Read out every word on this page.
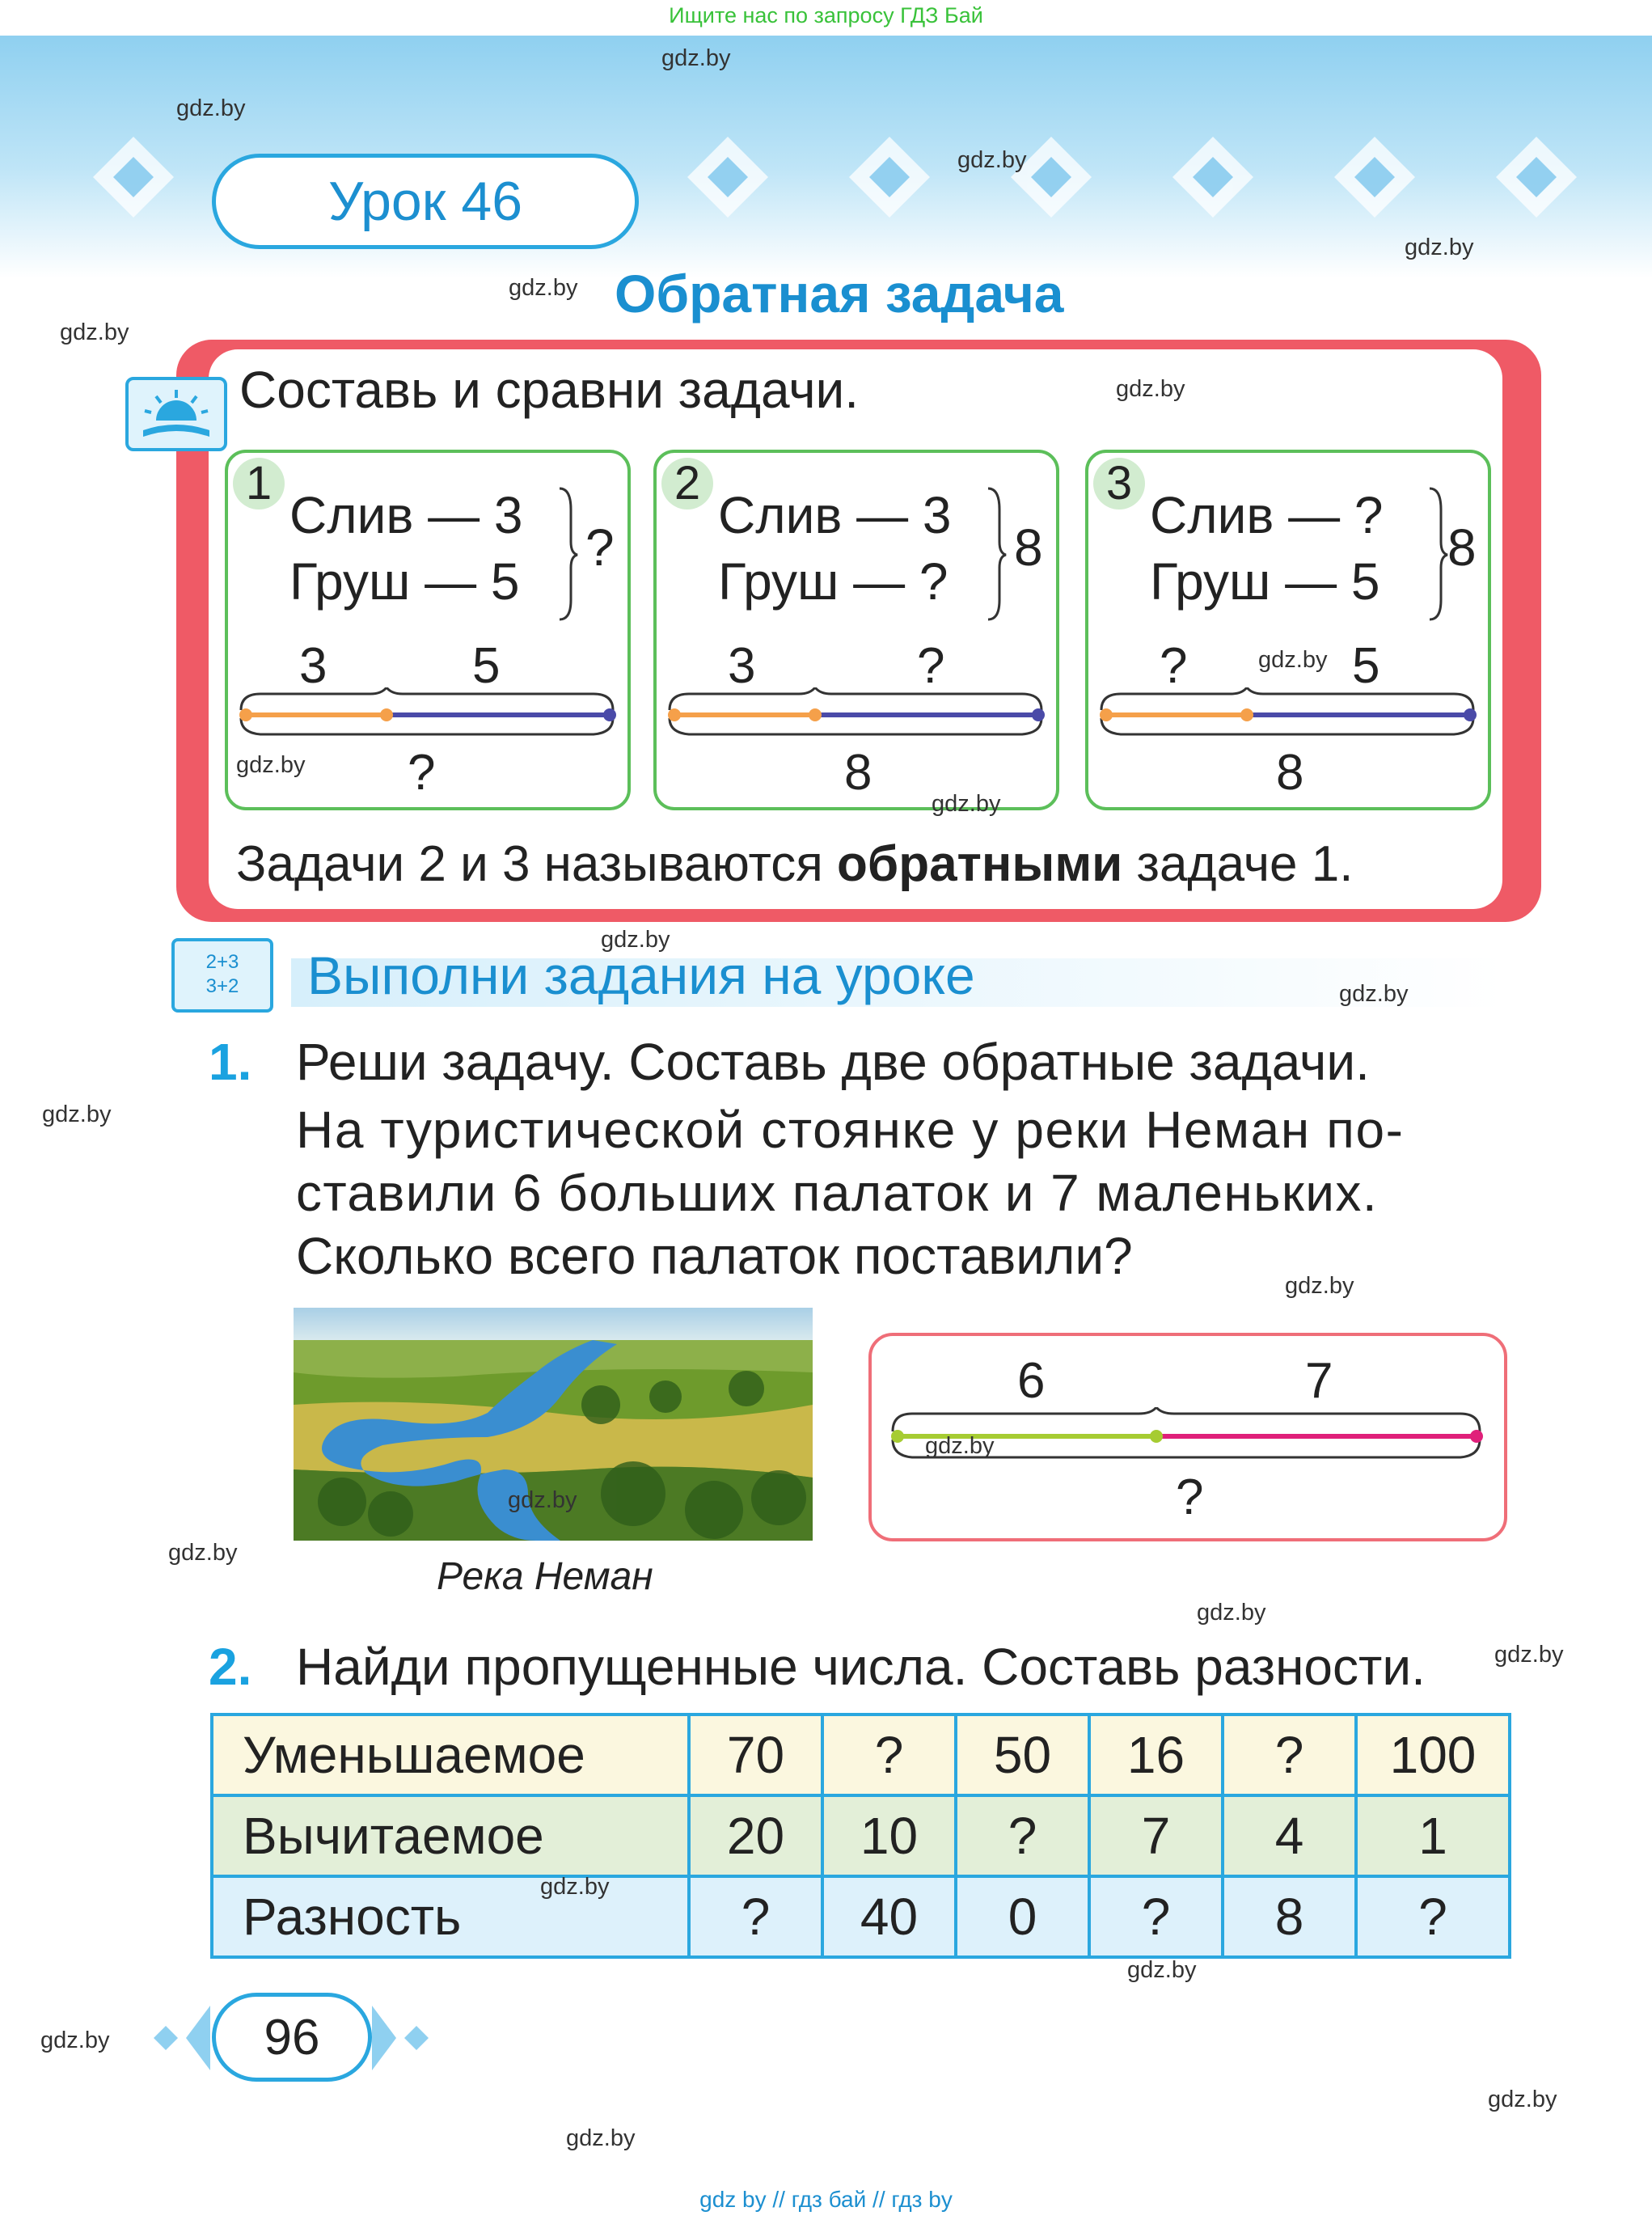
Ищите нас по запросу ГДЗ Бай
gdz.by
gdz.by
gdz.by
gdz.by
gdz.by
gdz.by
Урок 46
Обратная задача
Составь и сравни задачи.	gdz.by
1
Слив — 3
Груш — 5
?
3	5
gdz.by ?
2
Слив — 3
Груш — ?
8
3	?
8
3
Слив — ?
Груш — 5
8
?	gdz.by 5
8
gdz.by
Задачи 2 и 3 называются обратными задаче 1.
gdz.by
2+3
3+2	Выполни задания на уроке	gdz.by
1. Реши задачу. Составь две обратные задачи.
На туристической стоянке у реки Неман по-
ставили 6 больших палаток и 7 маленьких.
Сколько всего палаток поставили?
gdz.by
gdz.by
gdz.by
Река Неман
gdz.by
6	7
gdz.by
?
gdz.by
gdz.by
2. Найди пропущенные числа. Составь разности.
Уменьшаемое	70	?	50	16	?	100
Вычитаемое	20	10	?	7	4	1
Разность	?	40	0	?	8	?
gdz.by
gdz.by
96
gdz.by
gdz.by
gdz.by
gdz by // гдз бай // гдз by
